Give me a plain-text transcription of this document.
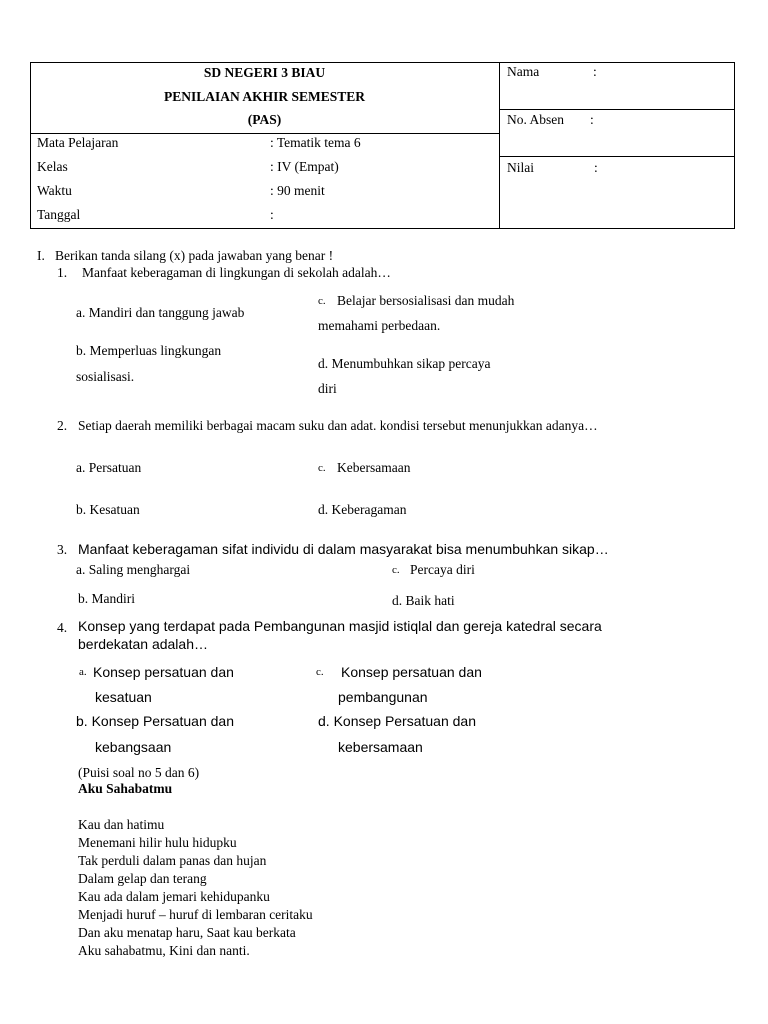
SD NEGERI 3 BIAU
PENILAIAN AKHIR SEMESTER
(PAS)
Mata Pelajaran	: Tematik tema 6
Kelas	: IV (Empat)
Waktu	: 90 menit
Tanggal	:
Nama	:
No. Absen :
Nilai	:
I. Berikan tanda silang (x) pada jawaban yang benar !
1. Manfaat keberagaman di lingkungan di sekolah adalah…
a. Mandiri dan tanggung jawab
b. Memperluas lingkungan
sosialisasi.
c. Belajar bersosialisasi dan mudah
memahami perbedaan.
d. Menumbuhkan sikap percaya
diri
2. Setiap daerah memiliki berbagai macam suku dan adat. kondisi tersebut menunjukkan adanya…
a. Persatuan
b. Kesatuan
c. Kebersamaan
d. Keberagaman
3. Manfaat keberagaman sifat individu di dalam masyarakat bisa menumbuhkan sikap…
a. Saling menghargai
b. Mandiri
c. Percaya diri
d. Baik hati
4. Konsep yang terdapat pada Pembangunan masjid istiqlal dan gereja katedral secara
berdekatan adalah…
a. Konsep persatuan dan
kesatuan
b. Konsep Persatuan dan
kebangsaan
c. Konsep persatuan dan
pembangunan
d. Konsep Persatuan dan
kebersamaan
(Puisi soal no 5 dan 6)
Aku Sahabatmu
Kau dan hatimu
Menemani hilir hulu hidupku
Tak perduli dalam panas dan hujan
Dalam gelap dan terang
Kau ada dalam jemari kehidupanku
Menjadi huruf – huruf di lembaran ceritaku
Dan aku menatap haru, Saat kau berkata
Aku sahabatmu, Kini dan nanti.
